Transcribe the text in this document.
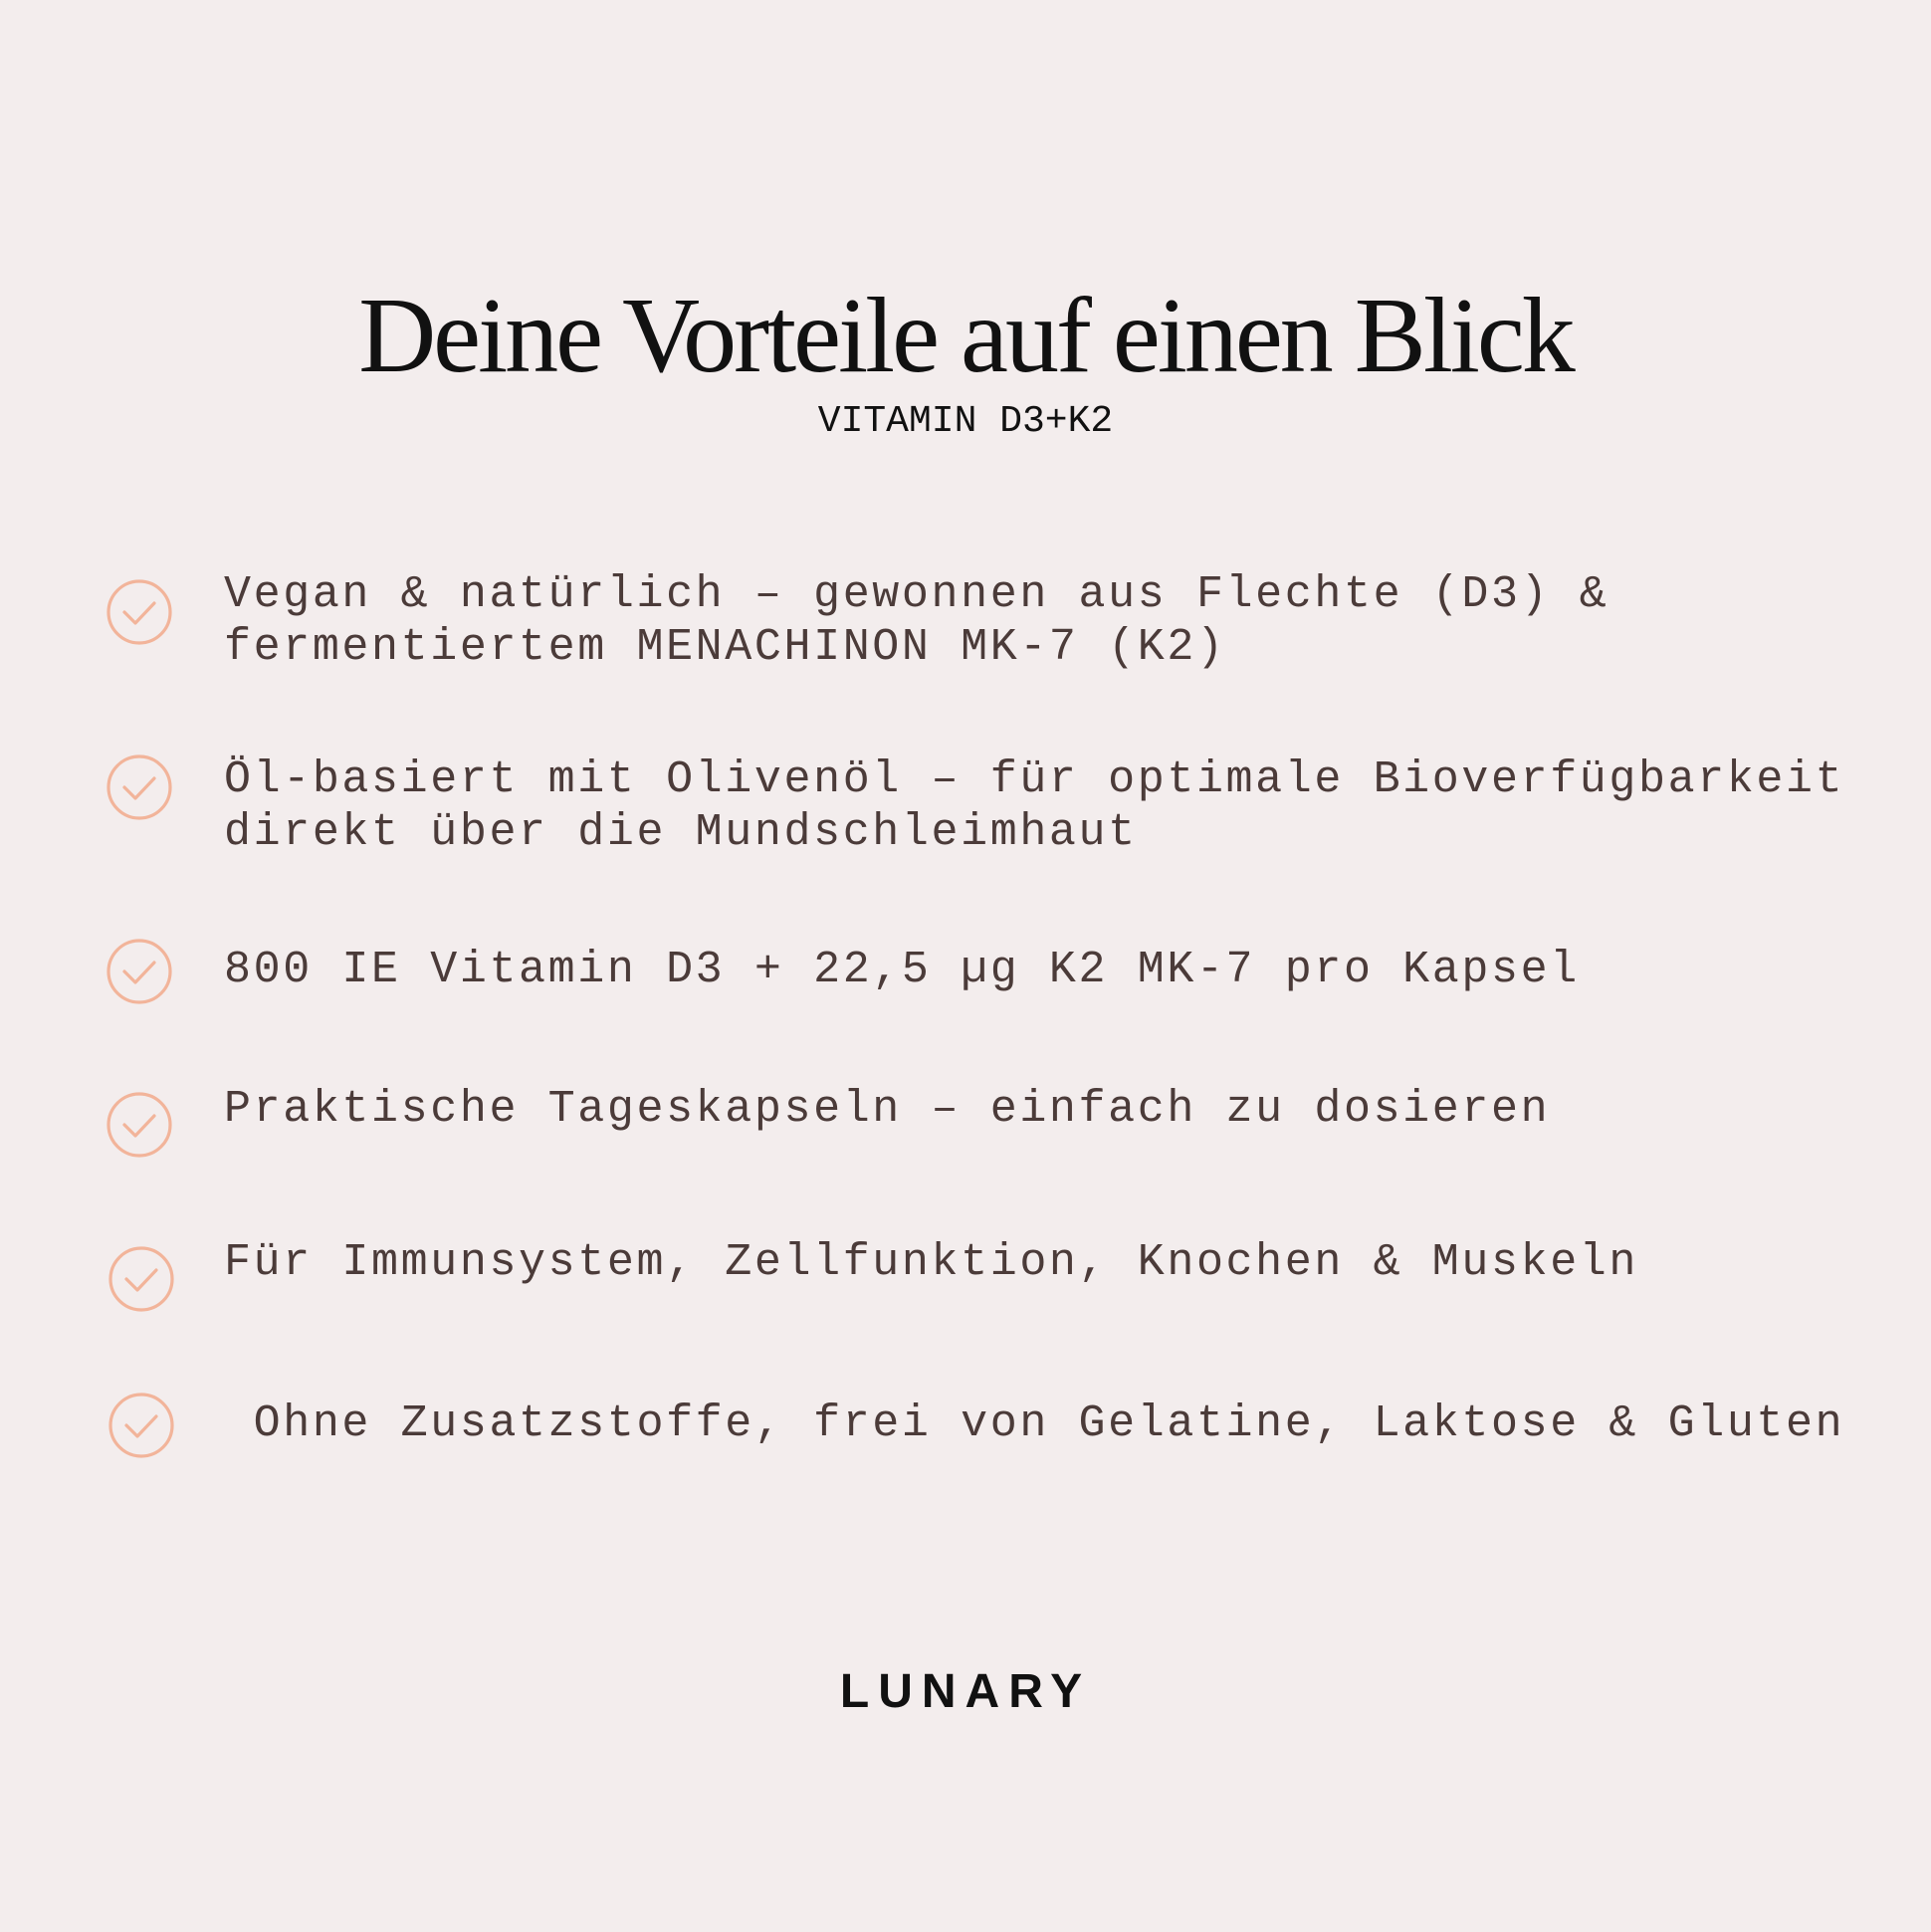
Deine Vorteile auf einen Blick
VITAMIN D3+K2
Vegan & natürlich – gewonnen aus Flechte (D3) &
fermentiertem MENACHINON MK-7 (K2)
Öl-basiert mit Olivenöl – für optimale Bioverfügbarkeit
direkt über die Mundschleimhaut
800 IE Vitamin D3 + 22,5 µg K2 MK-7 pro Kapsel
Praktische Tageskapseln – einfach zu dosieren
Für Immunsystem, Zellfunktion, Knochen & Muskeln
Ohne Zusatzstoffe, frei von Gelatine, Laktose & Gluten
LUNARY
